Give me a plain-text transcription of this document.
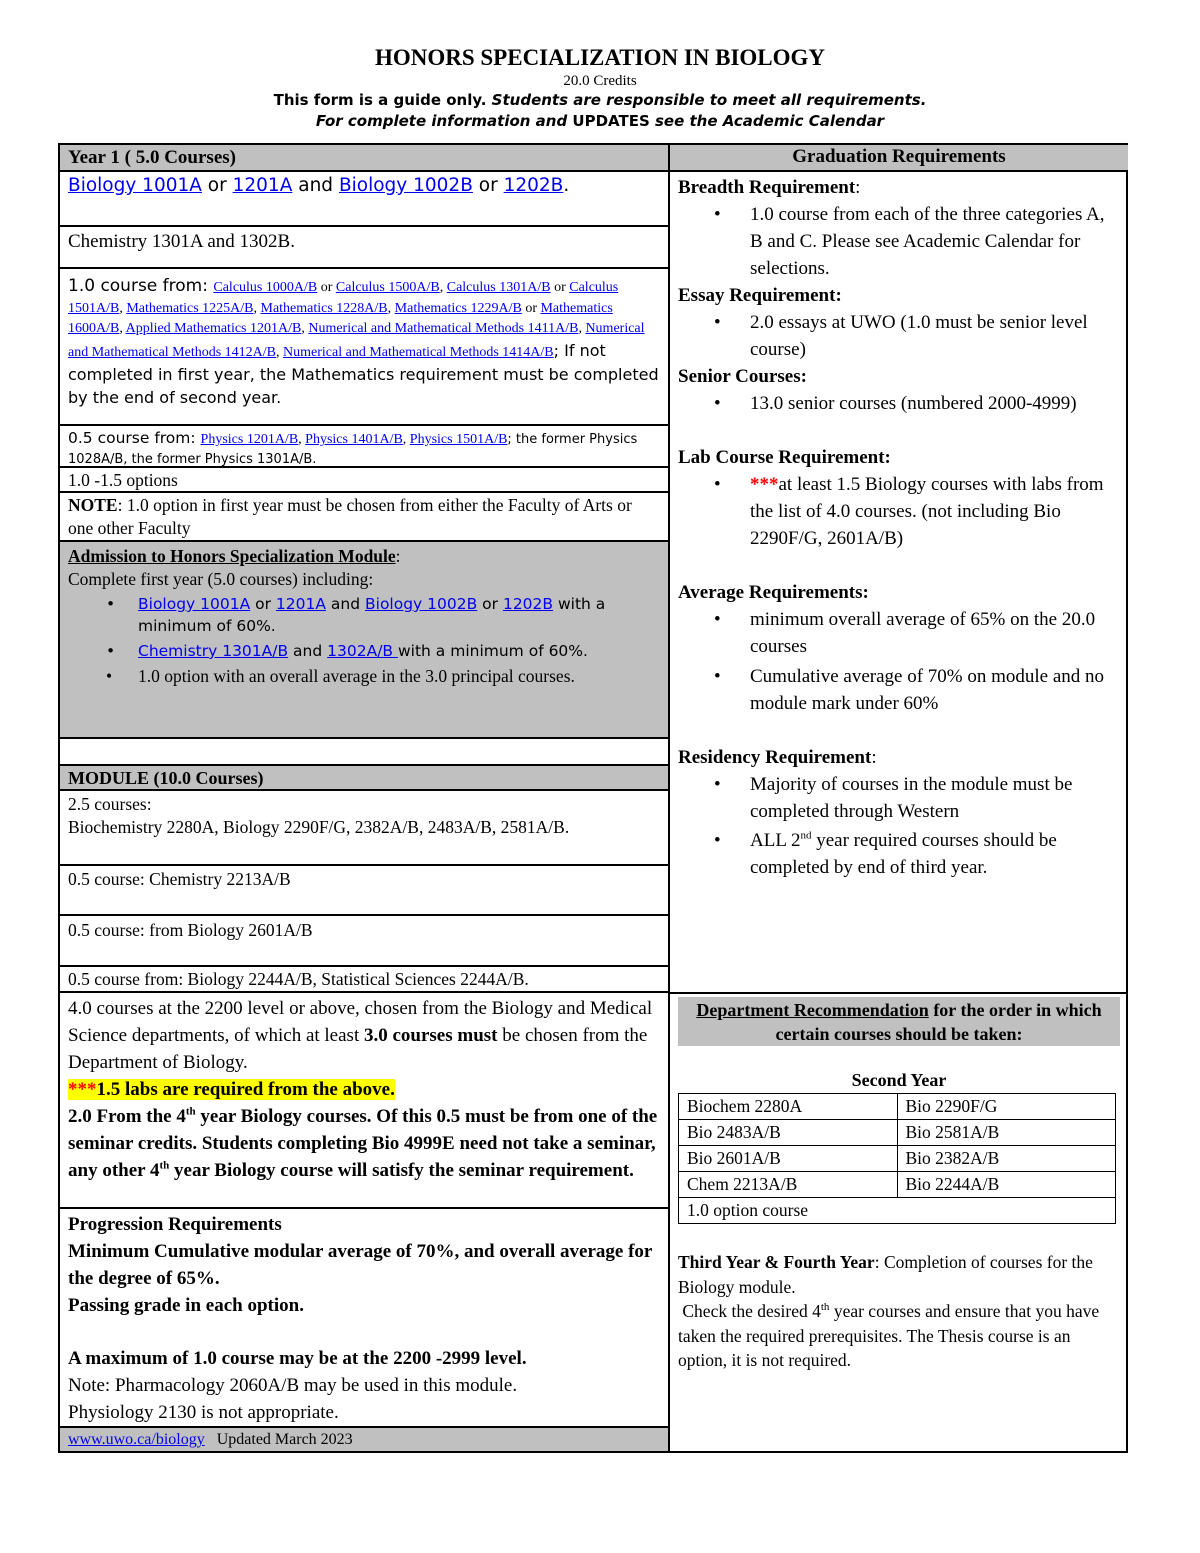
HONORS SPECIALIZATION IN BIOLOGY
20.0 Credits
This form is a guide only. Students are responsible to meet all requirements.
For complete information and UPDATES see the Academic Calendar
Year 1 ( 5.0 Courses)
Biology 1001A or 1201A and Biology 1002B or 1202B.
Chemistry 1301A and 1302B.
1.0 course from: Calculus 1000A/B or Calculus 1500A/B, Calculus 1301A/B or Calculus 1501A/B, Mathematics 1225A/B, Mathematics 1228A/B, Mathematics 1229A/B or Mathematics 1600A/B, Applied Mathematics 1201A/B, Numerical and Mathematical Methods 1411A/B, Numerical and Mathematical Methods 1412A/B, Numerical and Mathematical Methods 1414A/B; If not completed in first year, the Mathematics requirement must be completed by the end of second year.
0.5 course from: Physics 1201A/B, Physics 1401A/B, Physics 1501A/B; the former Physics 1028A/B, the former Physics 1301A/B.
1.0 -1.5 options
NOTE: 1.0 option in first year must be chosen from either the Faculty of Arts or one other Faculty
Admission to Honors Specialization Module:
Complete first year (5.0 courses) including:
• Biology 1001A or 1201A and Biology 1002B or 1202B with a minimum of 60%.
• Chemistry 1301A/B and 1302A/B with a minimum of 60%.
• 1.0 option with an overall average in the 3.0 principal courses.
MODULE (10.0 Courses)
2.5 courses:
Biochemistry 2280A, Biology 2290F/G, 2382A/B, 2483A/B, 2581A/B.
0.5 course: Chemistry 2213A/B
0.5 course: from Biology 2601A/B
0.5 course from: Biology 2244A/B, Statistical Sciences 2244A/B.
4.0 courses at the 2200 level or above, chosen from the Biology and Medical Science departments, of which at least 3.0 courses must be chosen from the Department of Biology.
***1.5 labs are required from the above.
2.0 From the 4th year Biology courses. Of this 0.5 must be from one of the seminar credits. Students completing Bio 4999E need not take a seminar, any other 4th year Biology course will satisfy the seminar requirement.
Progression Requirements
Minimum Cumulative modular average of 70%, and overall average for the degree of 65%.
Passing grade in each option.
A maximum of 1.0 course may be at the 2200 -2999 level.
Note: Pharmacology 2060A/B may be used in this module.
Physiology 2130 is not appropriate.
www.uwo.ca/biology   Updated March 2023
Graduation Requirements
Breadth Requirement:
• 1.0 course from each of the three categories A, B and C. Please see Academic Calendar for selections.
Essay Requirement:
• 2.0 essays at UWO (1.0 must be senior level course)
Senior Courses:
• 13.0 senior courses (numbered 2000-4999)
Lab Course Requirement:
• ***at least 1.5 Biology courses with labs from the list of 4.0 courses. (not including Bio 2290F/G, 2601A/B)
Average Requirements:
• minimum overall average of 65% on the 20.0 courses
• Cumulative average of 70% on module and no module mark under 60%
Residency Requirement:
• Majority of courses in the module must be completed through Western
• ALL 2nd year required courses should be completed by end of third year.
Department Recommendation for the order in which certain courses should be taken:
Second Year
Biochem 2280A	Bio 2290F/G
Bio 2483A/B	Bio 2581A/B
Bio 2601A/B	Bio 2382A/B
Chem 2213A/B	Bio 2244A/B
1.0 option course	
Third Year & Fourth Year: Completion of courses for the Biology module.
Check the desired 4th year courses and ensure that you have taken the required prerequisites. The Thesis course is an option, it is not required.
